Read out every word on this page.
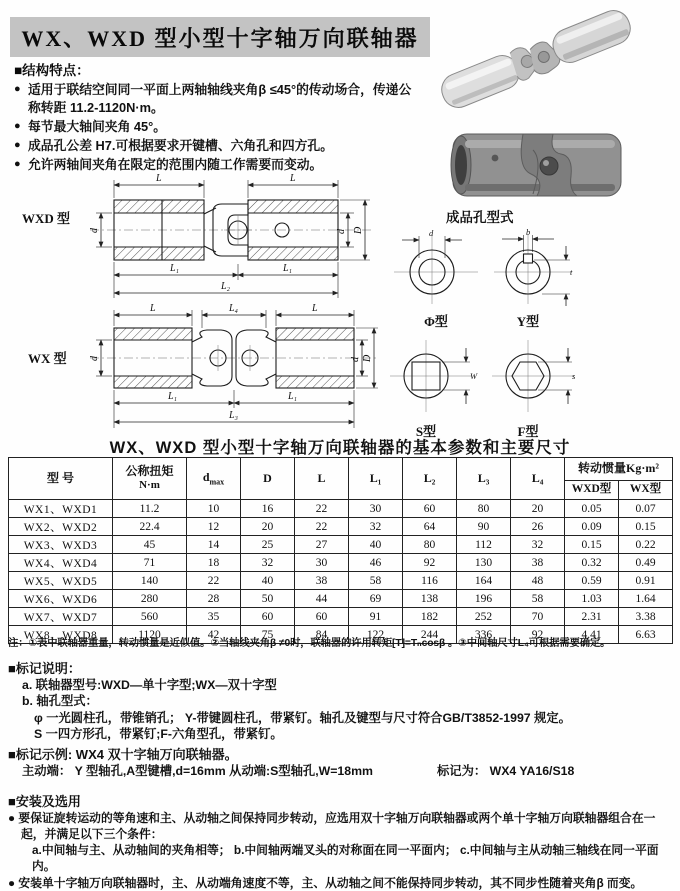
WX、WXD 型小型十字轴万向联轴器
■结构特点：
● 适用于联结空间同一平面上两轴轴线夹角β ≤45°的传动场合，传递公称转距 11.2-1120N·m。
● 每节最大轴间夹角 45°。
● 成品孔公差 H7.可根据要求开键槽、六角孔和四方孔。
● 允许两轴间夹角在限定的范围内随工作需要而变动。
WXD 型
L	L
d	d D
L₁	L₁
L₂
WX 型
L	L₄	L
d	d D
L₁	L₁
L₃
成品孔型式
d
Φ型
b
t
Y型
W
S型
s
F型
WX、WXD 型小型十字轴万向联轴器的基本参数和主要尺寸
型 号	公称扭矩
N·m	$d_{max}$	D	L	L₁	L₂	L₃	L₄	转动惯量Kg·m²	
									WXD型	WX型
WX1、WXD1	11.2	10	16	22	30	60	80	20	0.05	0.07
WX2、WXD2	22.4	12	20	22	32	64	90	26	0.09	0.15
WX3、WXD3	45	14	25	27	40	80	112	32	0.15	0.22
WX4、WXD4	71	18	32	30	46	92	130	38	0.32	0.49
WX5、WXD5	140	22	40	38	58	116	164	48	0.59	0.91
WX6、WXD6	280	28	50	44	69	138	196	58	1.03	1.64
WX7、WXD7	560	35	60	60	91	182	252	70	2.31	3.38
WX8、WXD8	1120	42	75	84	122	244	336	92	4.41	6.63
注：①表中联轴器重量，转动惯量是近似值。②当轴线夹角β ≠0时，联轴器的许用转矩[T]=Tₙcosβ 。③中间轴尺寸L₄可根据需要确定。
■标记说明：
a. 联轴器型号:WXD—单十字型;WX—双十字型
b. 轴孔型式：
φ 一光圆柱孔，带锥销孔； Y-带键圆柱孔，带紧钉。轴孔及键型与尺寸符合GB/T3852-1997 规定。
S 一四方形孔，带紧钉;F-六角型孔，带紧钉。
■标记示例: WX4 双十字轴万向联轴器。
主动端： Y 型轴孔,A型键槽,d=16mm 从动端:S型轴孔,W=18mm	标记为： WX4 YA16/S18
■安装及选用
● 要保证旋转运动的等角速和主、从动轴之间保持同步转动，应选用双十字轴万向联轴器或两个单十字轴万向联轴器组合在一起，并满足以下三个条件：
a.中间轴与主、从动轴间的夹角相等； b.中间轴两端叉头的对称面在同一平面内； c.中间轴与主从动轴三轴线在同一平面内。
● 安装单十字轴万向联轴器时，主、从动端角速度不等，主、从动轴之间不能保持同步转动，其不同步性随着夹角β 而变。
